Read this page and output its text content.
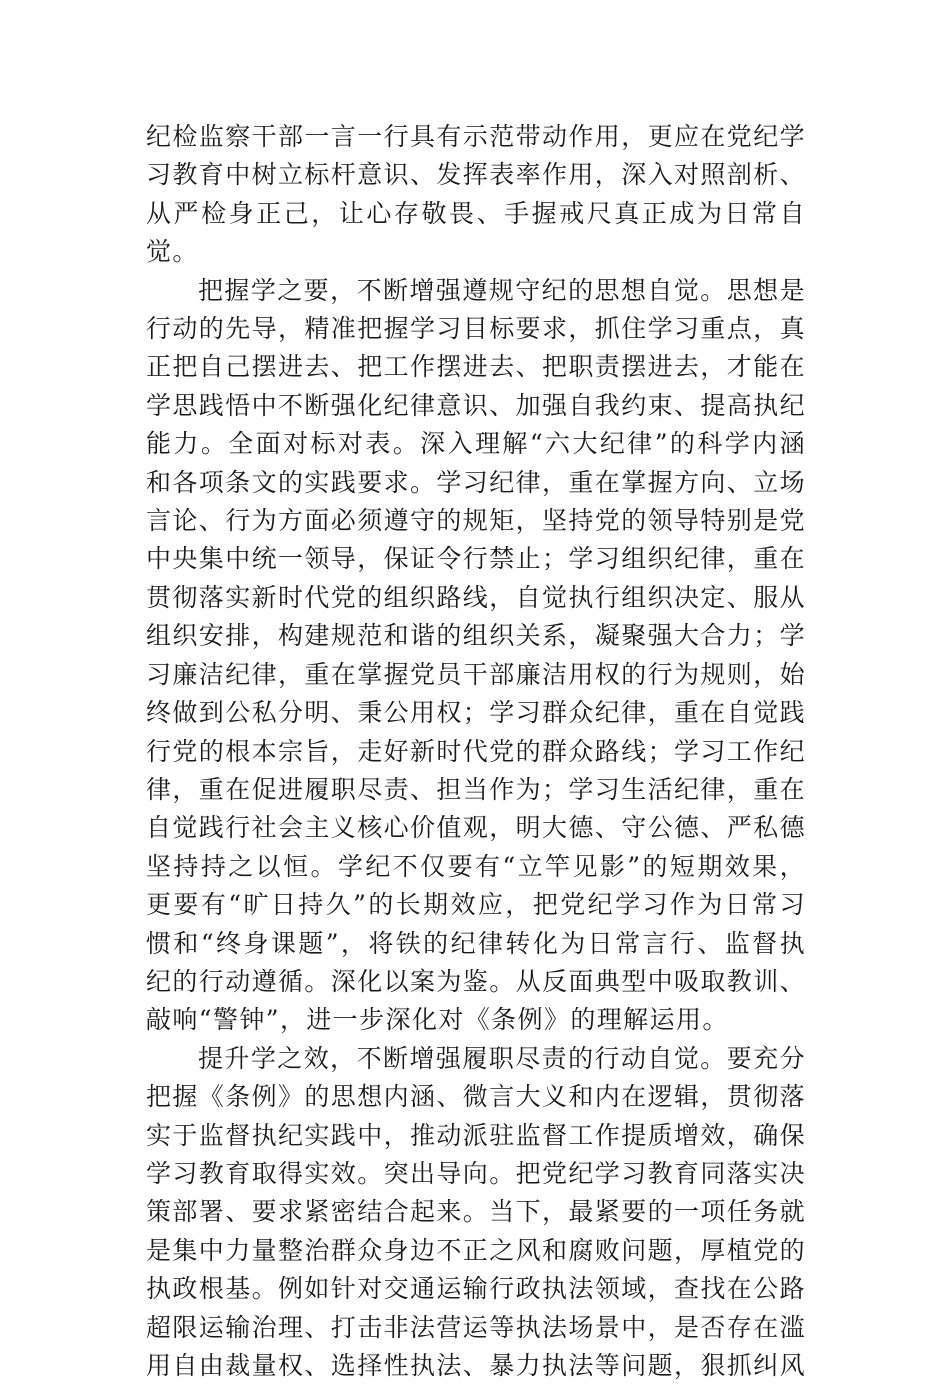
纪检监察干部一言一行具有示范带动作用，更应在党纪学习教育中树立标杆意识、发挥表率作用，深入对照剖析、从严检身正己，让心存敬畏、手握戒尺真正成为日常自觉。

把握学之要，不断增强遵规守纪的思想自觉。思想是行动的先导，精准把握学习目标要求，抓住学习重点，真正把自己摆进去、把工作摆进去、把职责摆进去，才能在学思践悟中不断强化纪律意识、加强自我约束、提高执纪能力。全面对标对表。深入理解“六大纪律”的科学内涵和各项条文的实践要求。学习纪律，重在掌握方向、立场言论、行为方面必须遵守的规矩，坚持党的领导特别是党中央集中统一领导，保证令行禁止；学习组织纪律，重在贯彻落实新时代党的组织路线，自觉执行组织决定、服从组织安排，构建规范和谐的组织关系，凝聚强大合力；学习廉洁纪律，重在掌握党员干部廉洁用权的行为规则，始终做到公私分明、秉公用权；学习群众纪律，重在自觉践行党的根本宗旨，走好新时代党的群众路线；学习工作纪律，重在促进履职尽责、担当作为；学习生活纪律，重在自觉践行社会主义核心价值观，明大德、守公德、严私德坚持持之以恒。学纪不仅要有“立竿见影”的短期效果，更要有“旷日持久”的长期效应，把党纪学习作为日常习惯和“终身课题”，将铁的纪律转化为日常言行、监督执纪的行动遵循。深化以案为鉴。从反面典型中吸取教训、敲响“警钟”，进一步深化对《条例》的理解运用。

提升学之效，不断增强履职尽责的行动自觉。要充分把握《条例》的思想内涵、微言大义和内在逻辑，贯彻落实于监督执纪实践中，推动派驻监督工作提质增效，确保学习教育取得实效。突出导向。把党纪学习教育同落实决策部署、要求紧密结合起来。当下，最紧要的一项任务就是集中力量整治群众身边不正之风和腐败问题，厚植党的执政根基。例如针对交通运输行政执法领域，查找在公路超限运输治理、打击非法营运等执法场景中，是否存在滥用自由裁量权、选择性执法、暴力执法等问题，狠抓纠风
